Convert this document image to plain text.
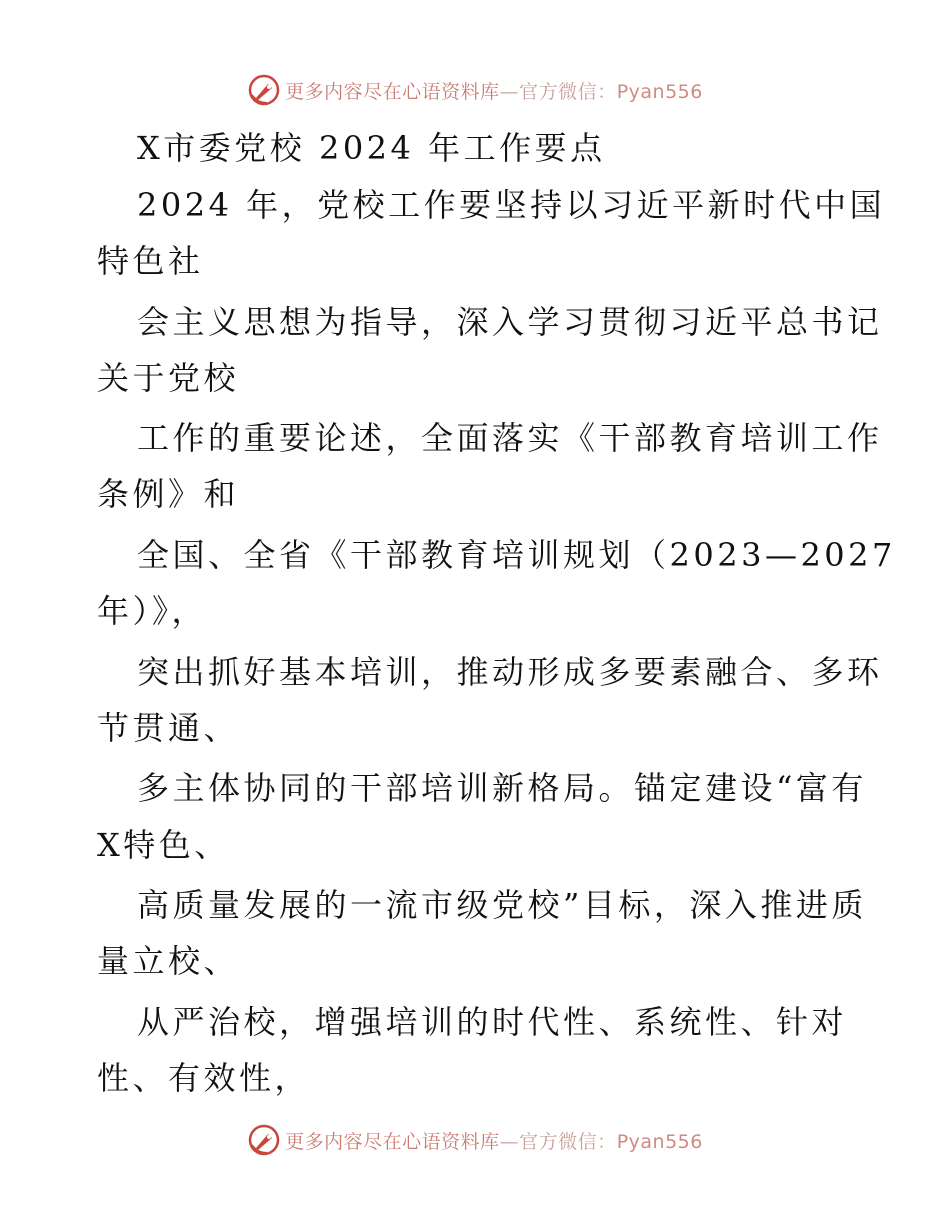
更多内容尽在心语资料库—官方微信：Pyan556
X市委党校 2024 年工作要点
2024 年，党校工作要坚持以习近平新时代中国
特色社
会主义思想为指导，深入学习贯彻习近平总书记
关于党校
工作的重要论述，全面落实《干部教育培训工作
条例》和
全国、全省《干部教育培训规划（2023—2027
年）》，
突出抓好基本培训，推动形成多要素融合、多环
节贯通、
多主体协同的干部培训新格局。锚定建设“富有
X特色、
高质量发展的一流市级党校”目标，深入推进质
量立校、
从严治校，增强培训的时代性、系统性、针对
性、有效性，
更多内容尽在心语资料库—官方微信：Pyan556
